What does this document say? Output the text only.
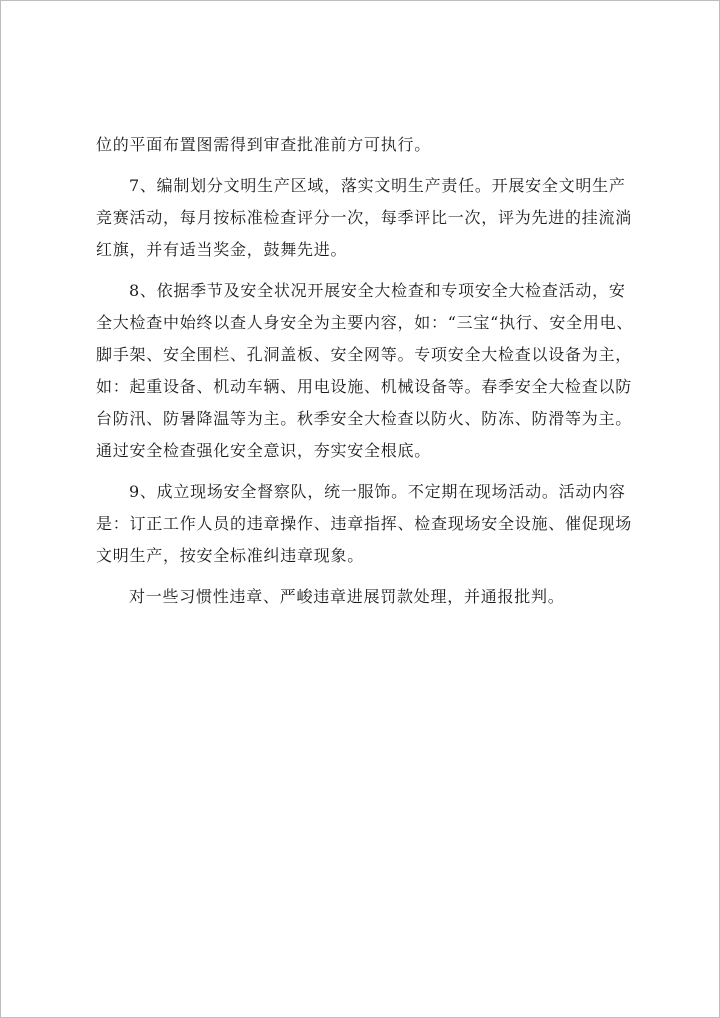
位的平面布置图需得到审查批准前方可执行。
7、编制划分文明生产区域，落实文明生产责任。开展安全文明生产
竞赛活动，每月按标准检查评分一次，每季评比一次，评为先进的挂流淌
红旗，并有适当奖金，鼓舞先进。
8、依据季节及安全状况开展安全大检查和专项安全大检查活动，安
全大检查中始终以查人身安全为主要内容，如：“三宝“执行、安全用电、
脚手架、安全围栏、孔洞盖板、安全网等。专项安全大检查以设备为主，
如：起重设备、机动车辆、用电设施、机械设备等。春季安全大检查以防
台防汛、防暑降温等为主。秋季安全大检查以防火、防冻、防滑等为主。
通过安全检查强化安全意识，夯实安全根底。
9、成立现场安全督察队，统一服饰。不定期在现场活动。活动内容
是：订正工作人员的违章操作、违章指挥、检查现场安全设施、催促现场
文明生产，按安全标准纠违章现象。
对一些习惯性违章、严峻违章进展罚款处理，并通报批判。
